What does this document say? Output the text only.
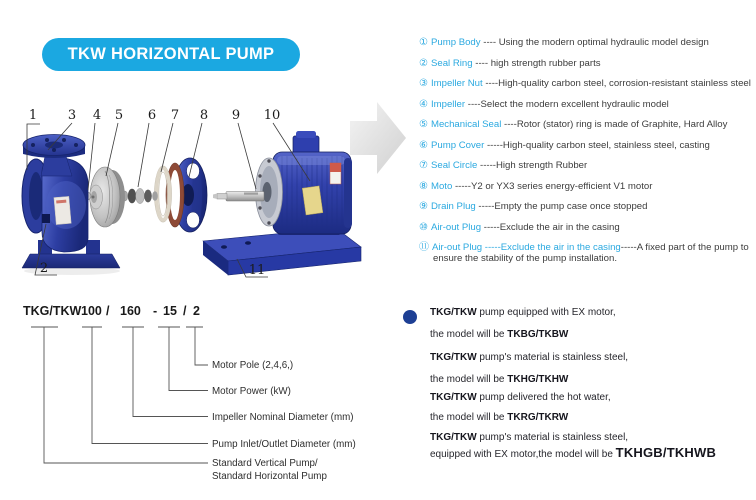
1 3 4 5 6 7 8 9 10
2	11
TKG/TKW 100 / 160 - 15 / 2
Motor Pole (2,4,6,)
Motor Power (kW)
Impeller Nominal Diameter (mm)
Pump Inlet/Outlet Diameter (mm)
Standard Vertical Pump/
Standard Horizontal Pump
TKW HORIZONTAL PUMP
① Pump Body ---- Using the modern optimal hydraulic model design
② Seal Ring ---- high strength rubber parts
③ Impeller Nut ----High-quality carbon steel, corrosion-resistant stainless steel
④ Impeller ----Select the modern excellent hydraulic model
⑤ Mechanical Seal ----Rotor (stator) ring is made of Graphite, Hard Alloy
⑥ Pump Cover -----High-quality carbon steel, stainless steel, casting
⑦ Seal Circle -----High strength Rubber
⑧ Moto -----Y2 or YX3 series energy-efficient V1 motor
⑨ Drain Plug -----Empty the pump case once stopped
⑩ Air-out Plug -----Exclude the air in the casing
⑪ Air-out Plug -----Exclude the air in the casing-----A fixed part of the pump to ensure the stability of the pump installation.
TKG/TKW pump equipped with EX motor,
the model will be TKBG/TKBW
TKG/TKW pump's material is stainless steel,
the model will be TKHG/TKHW
TKG/TKW pump delivered the hot water,
the model will be TKRG/TKRW
TKG/TKW pump's material is stainless steel,
equipped with EX motor,the model will be TKHGB/TKHWB
